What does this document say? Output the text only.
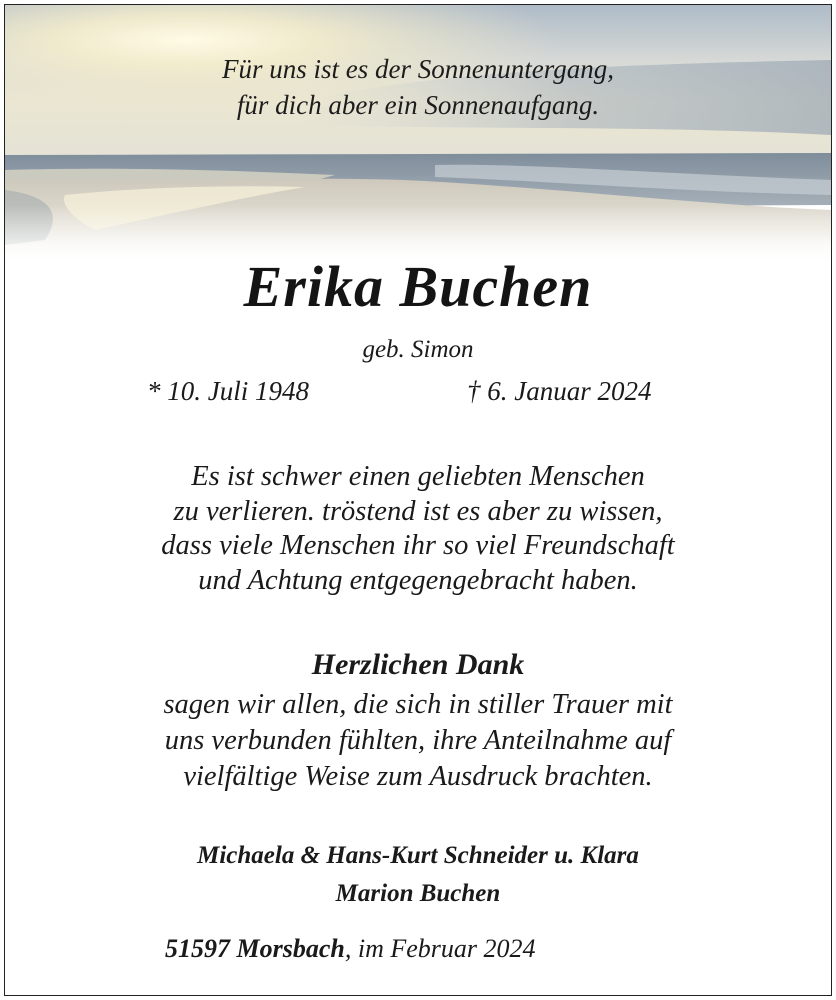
Für uns ist es der Sonnenuntergang,
für dich aber ein Sonnenaufgang.
Erika Buchen
geb. Simon
* 10. Juli 1948	† 6. Januar 2024
Es ist schwer einen geliebten Menschen
zu verlieren. tröstend ist es aber zu wissen,
dass viele Menschen ihr so viel Freundschaft
und Achtung entgegengebracht haben.
Herzlichen Dank
sagen wir allen, die sich in stiller Trauer mit
uns verbunden fühlten, ihre Anteilnahme auf
vielfältige Weise zum Ausdruck brachten.
Michaela & Hans-Kurt Schneider u. Klara
Marion Buchen
51597 Morsbach, im Februar 2024
